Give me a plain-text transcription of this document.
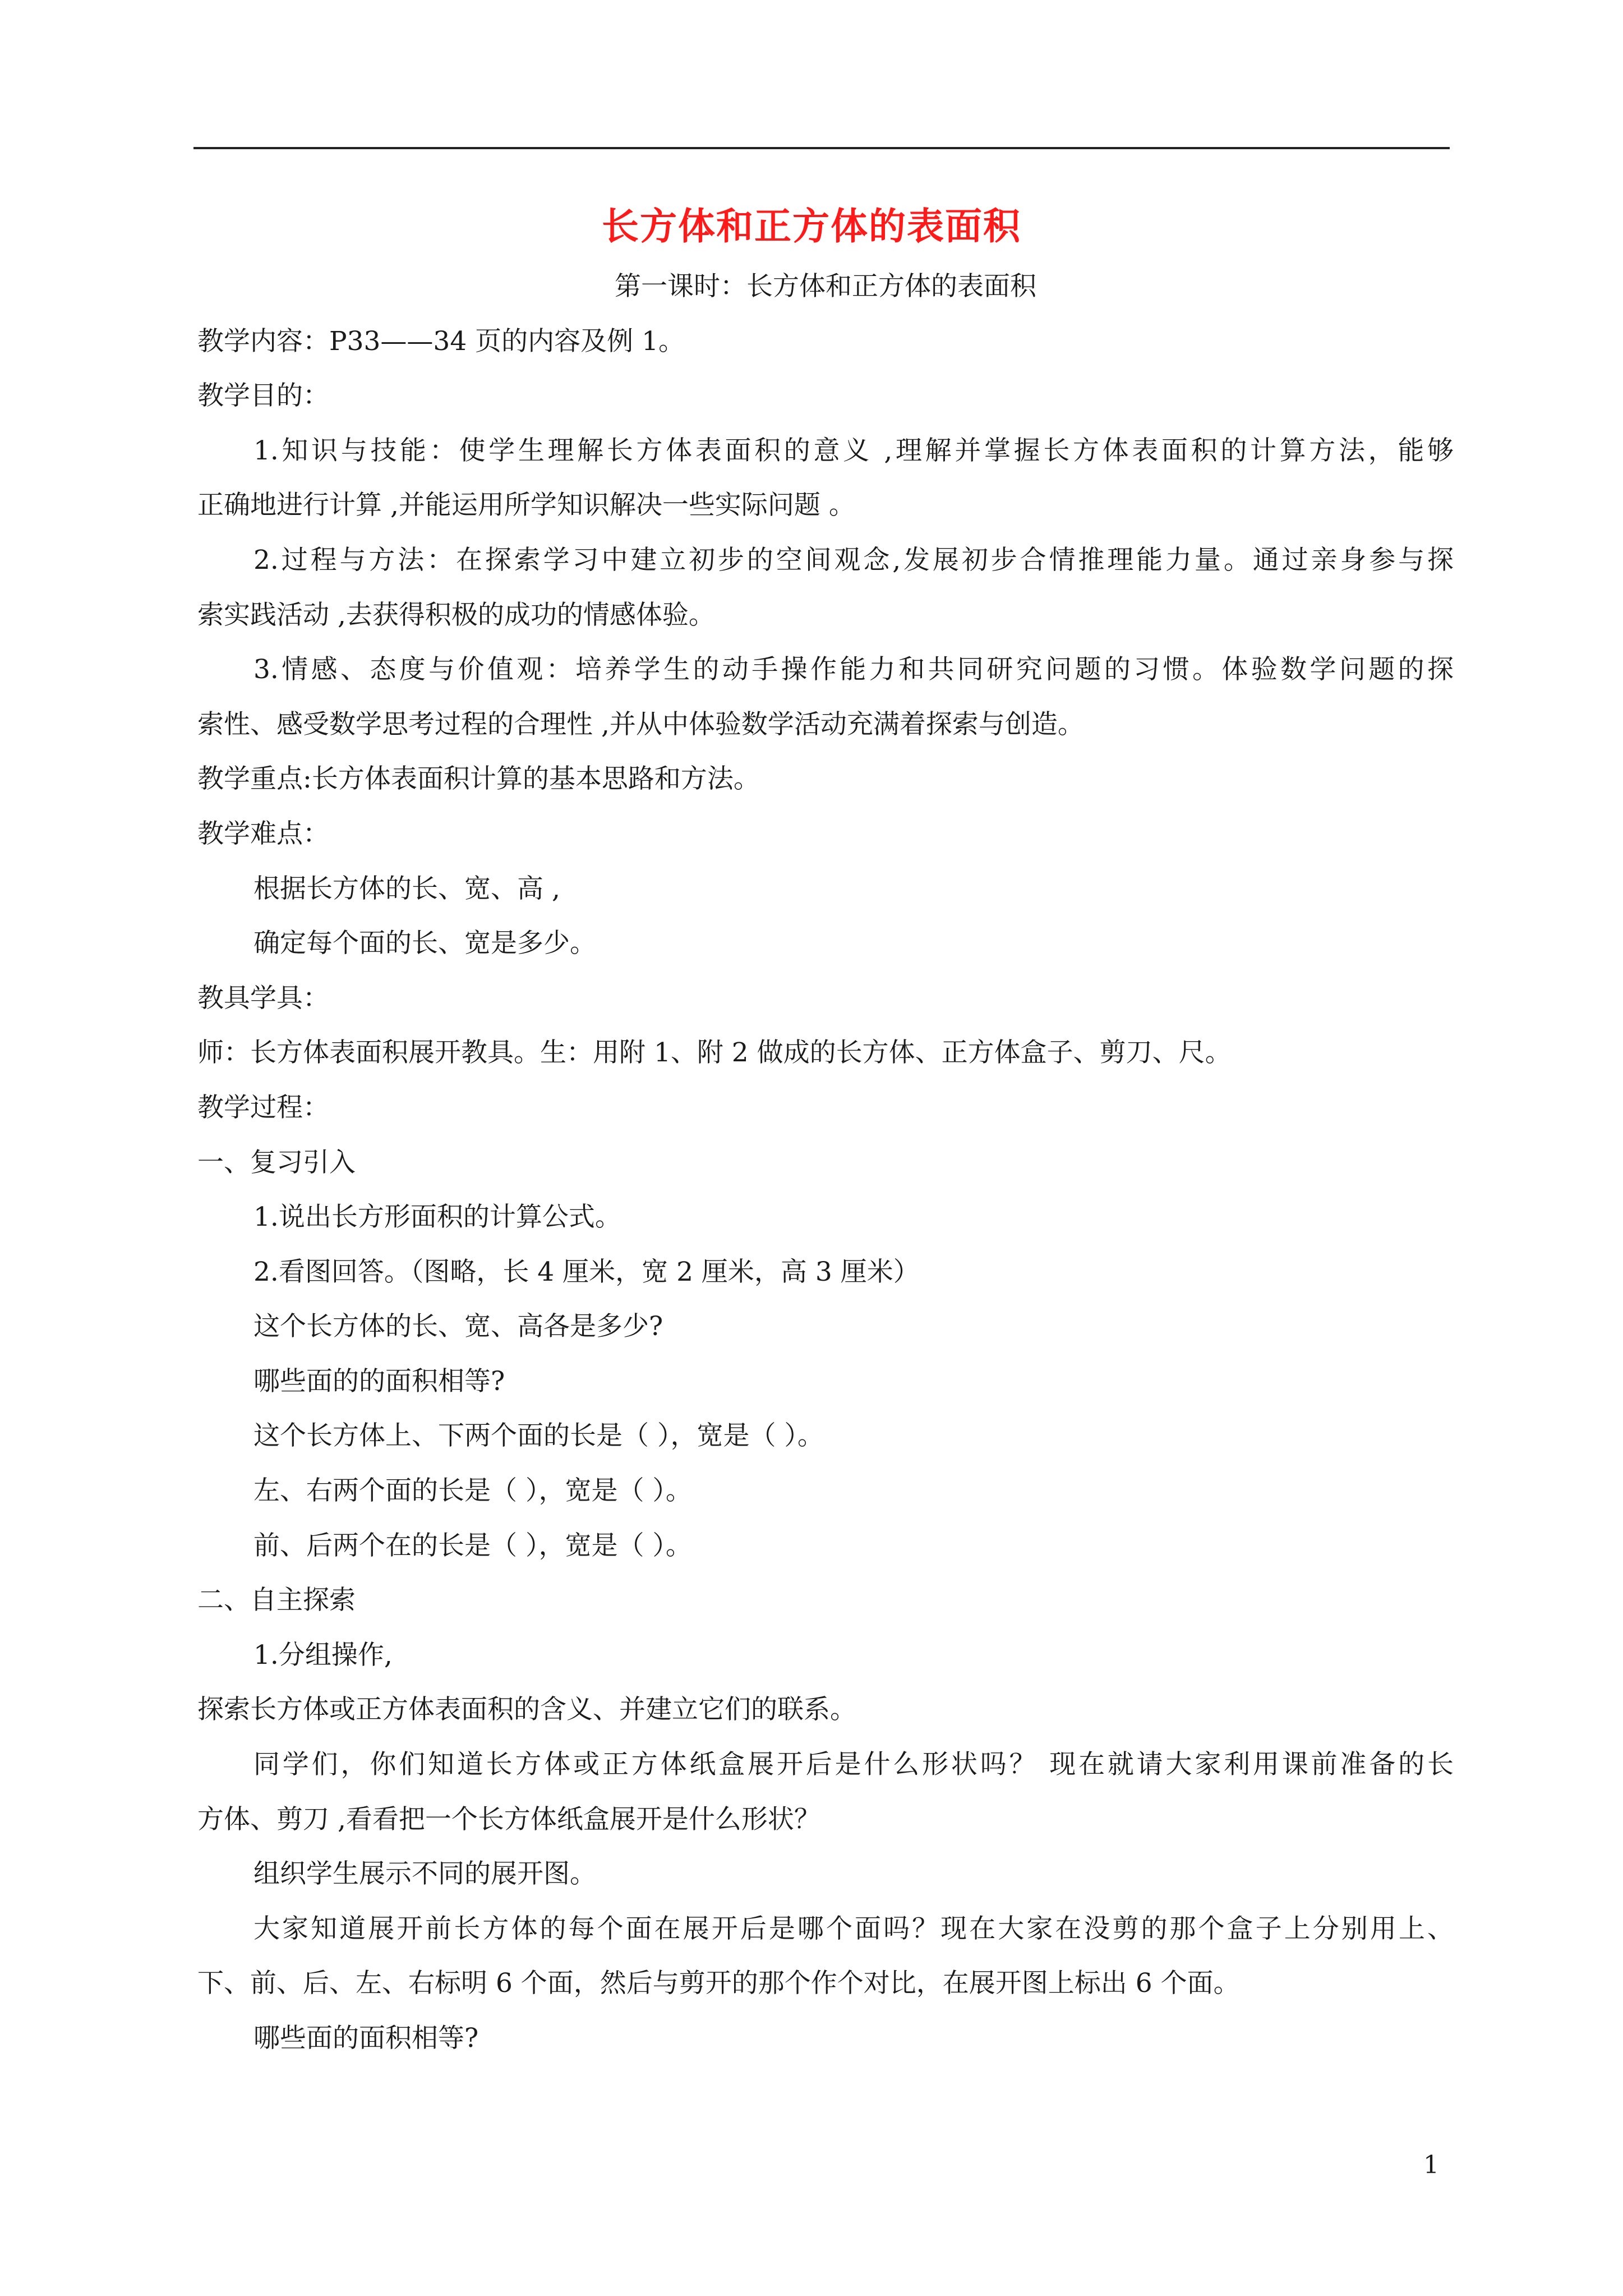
长方体和正方体的表面积
第一课时：长方体和正方体的表面积
教学内容：P33——34 页的内容及例 1。
教学目的：
1.知识与技能：使学生理解长方体表面积的意义 ,理解并掌握长方体表面积的计算方法，能够
正确地进行计算 ,并能运用所学知识解决一些实际问题 。
2.过程与方法：在探索学习中建立初步的空间观念,发展初步合情推理能力量。通过亲身参与探
索实践活动 ,去获得积极的成功的情感体验。
3.情感、态度与价值观：培养学生的动手操作能力和共同研究问题的习惯。体验数学问题的探
索性、感受数学思考过程的合理性 ,并从中体验数学活动充满着探索与创造。
教学重点:长方体表面积计算的基本思路和方法。
教学难点：
根据长方体的长、宽、高 ,
确定每个面的长、宽是多少。
教具学具：
师：长方体表面积展开教具。生：用附 1、附 2 做成的长方体、正方体盒子、剪刀、尺。
教学过程：
一、复习引入
1.说出长方形面积的计算公式。
2.看图回答。（图略，长 4 厘米，宽 2 厘米，高 3 厘米）
这个长方体的长、宽、高各是多少?
哪些面的的面积相等?
这个长方体上、下两个面的长是（ ），宽是（ ）。
左、右两个面的长是（ ），宽是（ ）。
前、后两个在的长是（ ），宽是（ ）。
二、自主探索
1.分组操作,
探索长方体或正方体表面积的含义、并建立它们的联系。
同学们，你们知道长方体或正方体纸盒展开后是什么形状吗？ 现在就请大家利用课前准备的长
方体、剪刀 ,看看把一个长方体纸盒展开是什么形状？
组织学生展示不同的展开图。
大家知道展开前长方体的每个面在展开后是哪个面吗？现在大家在没剪的那个盒子上分别用上、
下、前、后、左、右标明 6 个面，然后与剪开的那个作个对比，在展开图上标出 6 个面。
哪些面的面积相等?
1
